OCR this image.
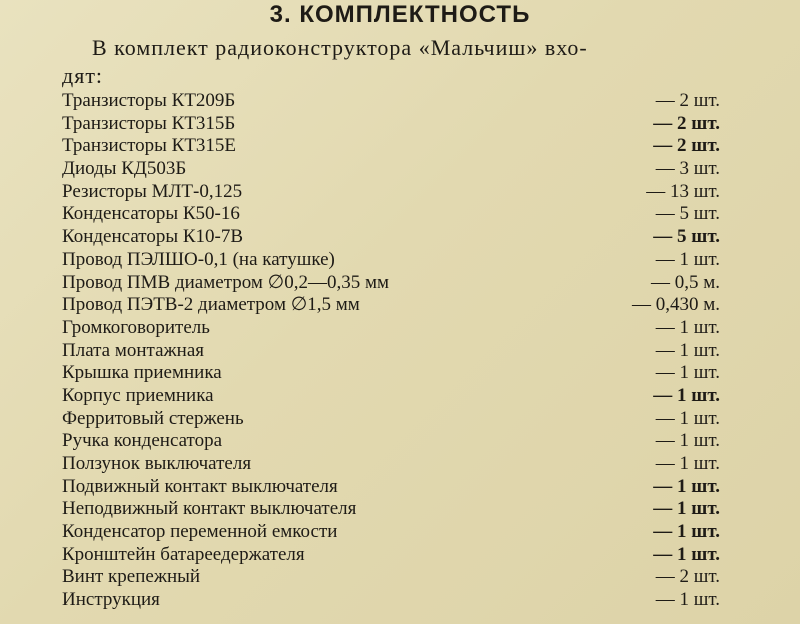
3. КОМПЛЕКТНОСТЬ
В комплект радиоконструктора «Мальчиш» вхо-
дят:
Транзисторы КТ209Б	— 2 шт.
Транзисторы КТ315Б	— 2 шт.
Транзисторы КТ315Е	— 2 шт.
Диоды КД503Б	— 3 шт.
Резисторы МЛТ-0,125	— 13 шт.
Конденсаторы К50-16	— 5 шт.
Конденсаторы К10-7В	— 5 шт.
Провод ПЭЛШО-0,1 (на катушке)	— 1 шт.
Провод ПМВ диаметром ∅0,2—0,35 мм	— 0,5 м.
Провод ПЭТВ-2 диаметром ∅1,5 мм	— 0,430 м.
Громкоговоритель	— 1 шт.
Плата монтажная	— 1 шт.
Крышка приемника	— 1 шт.
Корпус приемника	— 1 шт.
Ферритовый стержень	— 1 шт.
Ручка конденсатора	— 1 шт.
Ползунок выключателя	— 1 шт.
Подвижный контакт выключателя	— 1 шт.
Неподвижный контакт выключателя	— 1 шт.
Конденсатор переменной емкости	— 1 шт.
Кронштейн батареедержателя	— 1 шт.
Винт крепежный	— 2 шт.
Инструкция	— 1 шт.
